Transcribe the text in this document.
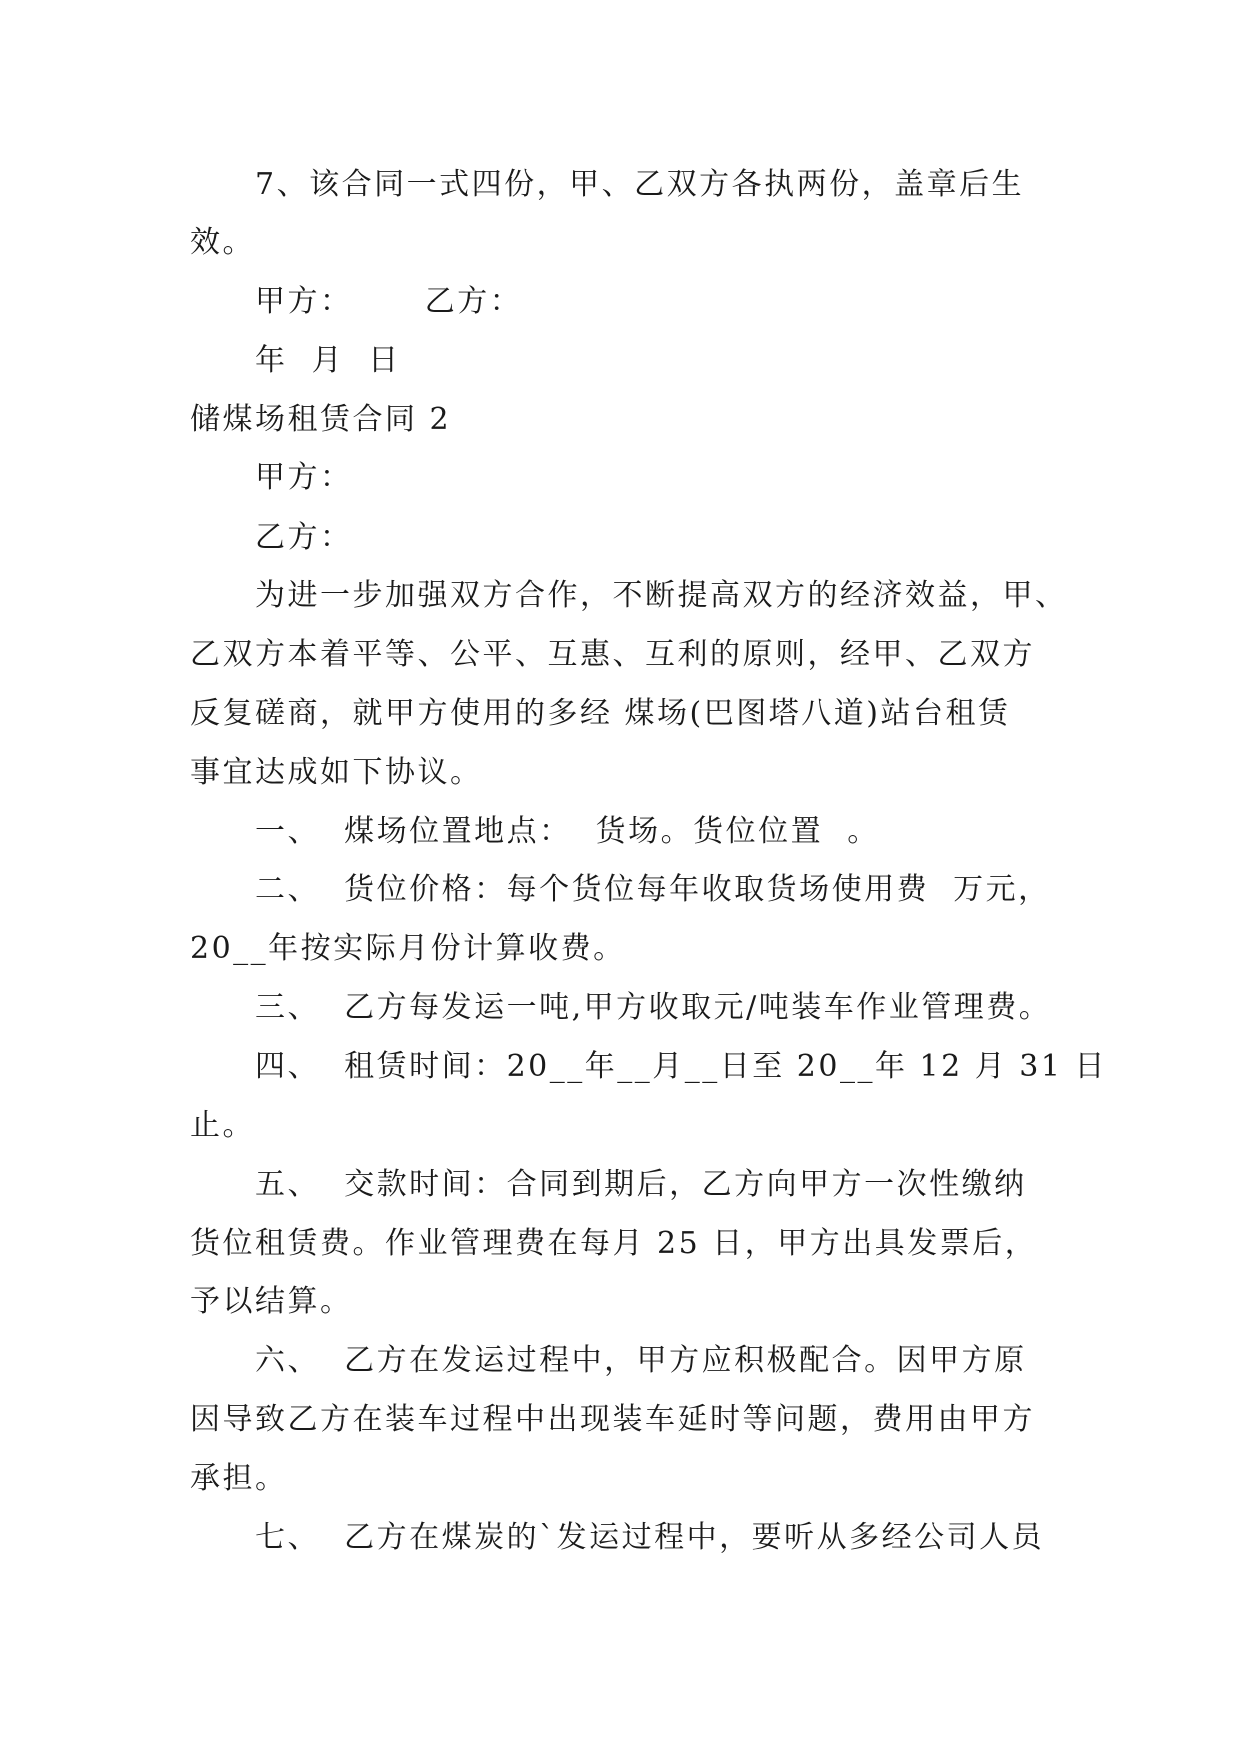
7、该合同一式四份，甲、乙双方各执两份，盖章后生
效。
甲方：      乙方：
年  月  日
储煤场租赁合同 2
甲方：
乙方：
为进一步加强双方合作，不断提高双方的经济效益，甲、
乙双方本着平等、公平、互惠、互利的原则，经甲、乙双方
反复磋商，就甲方使用的多经 煤场(巴图塔八道)站台租赁
事宜达成如下协议。
一、  煤场位置地点：  货场。货位位置  。
二、  货位价格：每个货位每年收取货场使用费  万元，
20__年按实际月份计算收费。
三、  乙方每发运一吨,甲方收取元/吨装车作业管理费。
四、  租赁时间：20__年__月__日至 20__年 12 月 31 日
止。
五、  交款时间：合同到期后，乙方向甲方一次性缴纳
货位租赁费。作业管理费在每月 25 日，甲方出具发票后，
予以结算。
六、  乙方在发运过程中，甲方应积极配合。因甲方原
因导致乙方在装车过程中出现装车延时等问题，费用由甲方
承担。
七、  乙方在煤炭的`发运过程中，要听从多经公司人员
